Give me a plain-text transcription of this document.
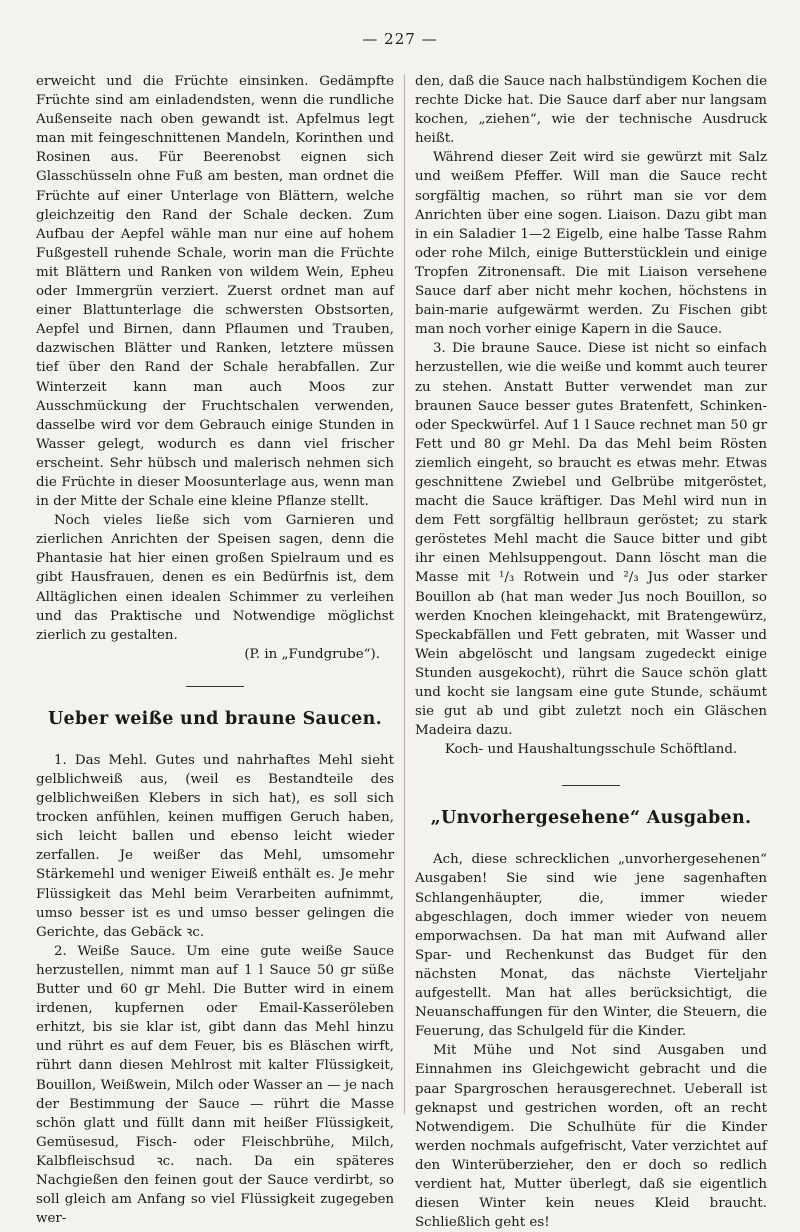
— 227 —

erweicht und die Früchte einsinken. Gedämpfte Früchte sind am einladendsten, wenn die rundliche Außenseite nach oben gewandt ist. Apfelmus legt man mit feingeschnittenen Mandeln, Korinthen und Rosinen aus. Für Beerenobst eignen sich Glasschüsseln ohne Fuß am besten, man ordnet die Früchte auf einer Unterlage von Blättern, welche gleichzeitig den Rand der Schale decken. Zum Aufbau der Aepfel wähle man nur eine auf hohem Fußgestell ruhende Schale, worin man die Früchte mit Blättern und Ranken von wildem Wein, Epheu oder Immergrün verziert. Zuerst ordnet man auf einer Blattunterlage die schwersten Obstsorten, Aepfel und Birnen, dann Pflaumen und Trauben, dazwischen Blätter und Ranken, letztere müssen tief über den Rand der Schale herabfallen. Zur Winterzeit kann man auch Moos zur Ausschmückung der Fruchtschalen verwenden, dasselbe wird vor dem Gebrauch einige Stunden in Wasser gelegt, wodurch es dann viel frischer erscheint. Sehr hübsch und malerisch nehmen sich die Früchte in dieser Moosunterlage aus, wenn man in der Mitte der Schale eine kleine Pflanze stellt.

Noch vieles ließe sich vom Garnieren und zierlichen Anrichten der Speisen sagen, denn die Phantasie hat hier einen großen Spielraum und es gibt Hausfrauen, denen es ein Bedürfnis ist, dem Alltäglichen einen idealen Schimmer zu verleihen und das Praktische und Notwendige möglichst zierlich zu gestalten.

(P. in „Fundgrube“).

Ueber weiße und braune Saucen.

1. Das Mehl. Gutes und nahrhaftes Mehl sieht gelblichweiß aus, (weil es Bestandteile des gelblichweißen Klebers in sich hat), es soll sich trocken anfühlen, keinen muffigen Geruch haben, sich leicht ballen und ebenso leicht wieder zerfallen. Je weißer das Mehl, umsomehr Stärkemehl und weniger Eiweiß enthält es. Je mehr Flüssigkeit das Mehl beim Verarbeiten aufnimmt, umso besser ist es und umso besser gelingen die Gerichte, das Gebäck ꝛc.

2. Weiße Sauce. Um eine gute weiße Sauce herzustellen, nimmt man auf 1 l Sauce 50 gr süße Butter und 60 gr Mehl. Die Butter wird in einem irdenen, kupfernen oder Email-Kasseröleben erhitzt, bis sie klar ist, gibt dann das Mehl hinzu und rührt es auf dem Feuer, bis es Bläschen wirft, rührt dann diesen Mehlrost mit kalter Flüssigkeit, Bouillon, Weißwein, Milch oder Wasser an — je nach der Bestimmung der Sauce — rührt die Masse schön glatt und füllt dann mit heißer Flüssigkeit, Gemüsesud, Fisch- oder Fleischbrühe, Milch, Kalbfleischsud ꝛc. nach. Da ein späteres Nachgießen den feinen gout der Sauce verdirbt, so soll gleich am Anfang so viel Flüssigkeit zugegeben wer-

den, daß die Sauce nach halbstündigem Kochen die rechte Dicke hat. Die Sauce darf aber nur langsam kochen, „ziehen“, wie der technische Ausdruck heißt.

Während dieser Zeit wird sie gewürzt mit Salz und weißem Pfeffer. Will man die Sauce recht sorgfältig machen, so rührt man sie vor dem Anrichten über eine sogen. Liaison. Dazu gibt man in ein Saladier 1—2 Eigelb, eine halbe Tasse Rahm oder rohe Milch, einige Butterstücklein und einige Tropfen Zitronensaft. Die mit Liaison versehene Sauce darf aber nicht mehr kochen, höchstens in bain-marie aufgewärmt werden. Zu Fischen gibt man noch vorher einige Kapern in die Sauce.

3. Die braune Sauce. Diese ist nicht so einfach herzustellen, wie die weiße und kommt auch teurer zu stehen. Anstatt Butter verwendet man zur braunen Sauce besser gutes Bratenfett, Schinken- oder Speckwürfel. Auf 1 l Sauce rechnet man 50 gr Fett und 80 gr Mehl. Da das Mehl beim Rösten ziemlich eingeht, so braucht es etwas mehr. Etwas geschnittene Zwiebel und Gelbrübe mitgeröstet, macht die Sauce kräftiger. Das Mehl wird nun in dem Fett sorgfältig hellbraun geröstet; zu stark geröstetes Mehl macht die Sauce bitter und gibt ihr einen Mehlsuppengout. Dann löscht man die Masse mit ¹/₃ Rotwein und ²/₃ Jus oder starker Bouillon ab (hat man weder Jus noch Bouillon, so werden Knochen kleingehackt, mit Bratengewürz, Speckabfällen und Fett gebraten, mit Wasser und Wein abgelöscht und langsam zugedeckt einige Stunden ausgekocht), rührt die Sauce schön glatt und kocht sie langsam eine gute Stunde, schäumt sie gut ab und gibt zuletzt noch ein Gläschen Madeira dazu.

Koch- und Haushaltungsschule Schöftland.

„Unvorhergesehene“ Ausgaben.

Ach, diese schrecklichen „unvorhergesehenen“ Ausgaben! Sie sind wie jene sagenhaften Schlangenhäupter, die, immer wieder abgeschlagen, doch immer wieder von neuem emporwachsen. Da hat man mit Aufwand aller Spar- und Rechenkunst das Budget für den nächsten Monat, das nächste Vierteljahr aufgestellt. Man hat alles berücksichtigt, die Neuanschaffungen für den Winter, die Steuern, die Feuerung, das Schulgeld für die Kinder.

Mit Mühe und Not sind Ausgaben und Einnahmen ins Gleichgewicht gebracht und die paar Spargroschen herausgerechnet. Ueberall ist geknapst und gestrichen worden, oft an recht Notwendigem. Die Schulhüte für die Kinder werden nochmals aufgefrischt, Vater verzichtet auf den Winterüberzieher, den er doch so redlich verdient hat, Mutter überlegt, daß sie eigentlich diesen Winter kein neues Kleid braucht. Schließlich geht es!
